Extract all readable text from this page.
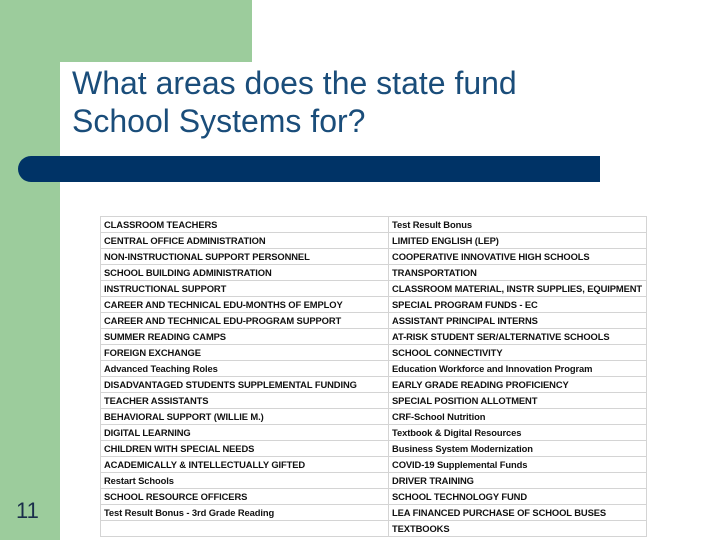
What areas does the state fund
School Systems for?
CLASSROOM TEACHERS	Test Result Bonus
CENTRAL OFFICE ADMINISTRATION	LIMITED ENGLISH (LEP)
NON-INSTRUCTIONAL SUPPORT PERSONNEL	COOPERATIVE INNOVATIVE HIGH SCHOOLS
SCHOOL BUILDING ADMINISTRATION	TRANSPORTATION
INSTRUCTIONAL SUPPORT	CLASSROOM MATERIAL, INSTR SUPPLIES, EQUIPMENT
CAREER AND TECHNICAL EDU-MONTHS OF EMPLOY	SPECIAL PROGRAM FUNDS - EC
CAREER AND TECHNICAL EDU-PROGRAM SUPPORT	ASSISTANT PRINCIPAL INTERNS
SUMMER READING CAMPS	AT-RISK STUDENT SER/ALTERNATIVE SCHOOLS
FOREIGN EXCHANGE	SCHOOL CONNECTIVITY
Advanced Teaching Roles	Education Workforce and Innovation Program
DISADVANTAGED STUDENTS SUPPLEMENTAL FUNDING	EARLY GRADE READING PROFICIENCY
TEACHER ASSISTANTS	SPECIAL POSITION ALLOTMENT
BEHAVIORAL SUPPORT (WILLIE M.)	CRF-School Nutrition
DIGITAL LEARNING	Textbook & Digital Resources
CHILDREN WITH SPECIAL NEEDS	Business System Modernization
ACADEMICALLY & INTELLECTUALLY GIFTED	COVID-19 Supplemental Funds
Restart Schools	DRIVER TRAINING
SCHOOL RESOURCE OFFICERS	SCHOOL TECHNOLOGY FUND
Test Result Bonus - 3rd Grade Reading	LEA FINANCED PURCHASE OF SCHOOL BUSES
	TEXTBOOKS
11
